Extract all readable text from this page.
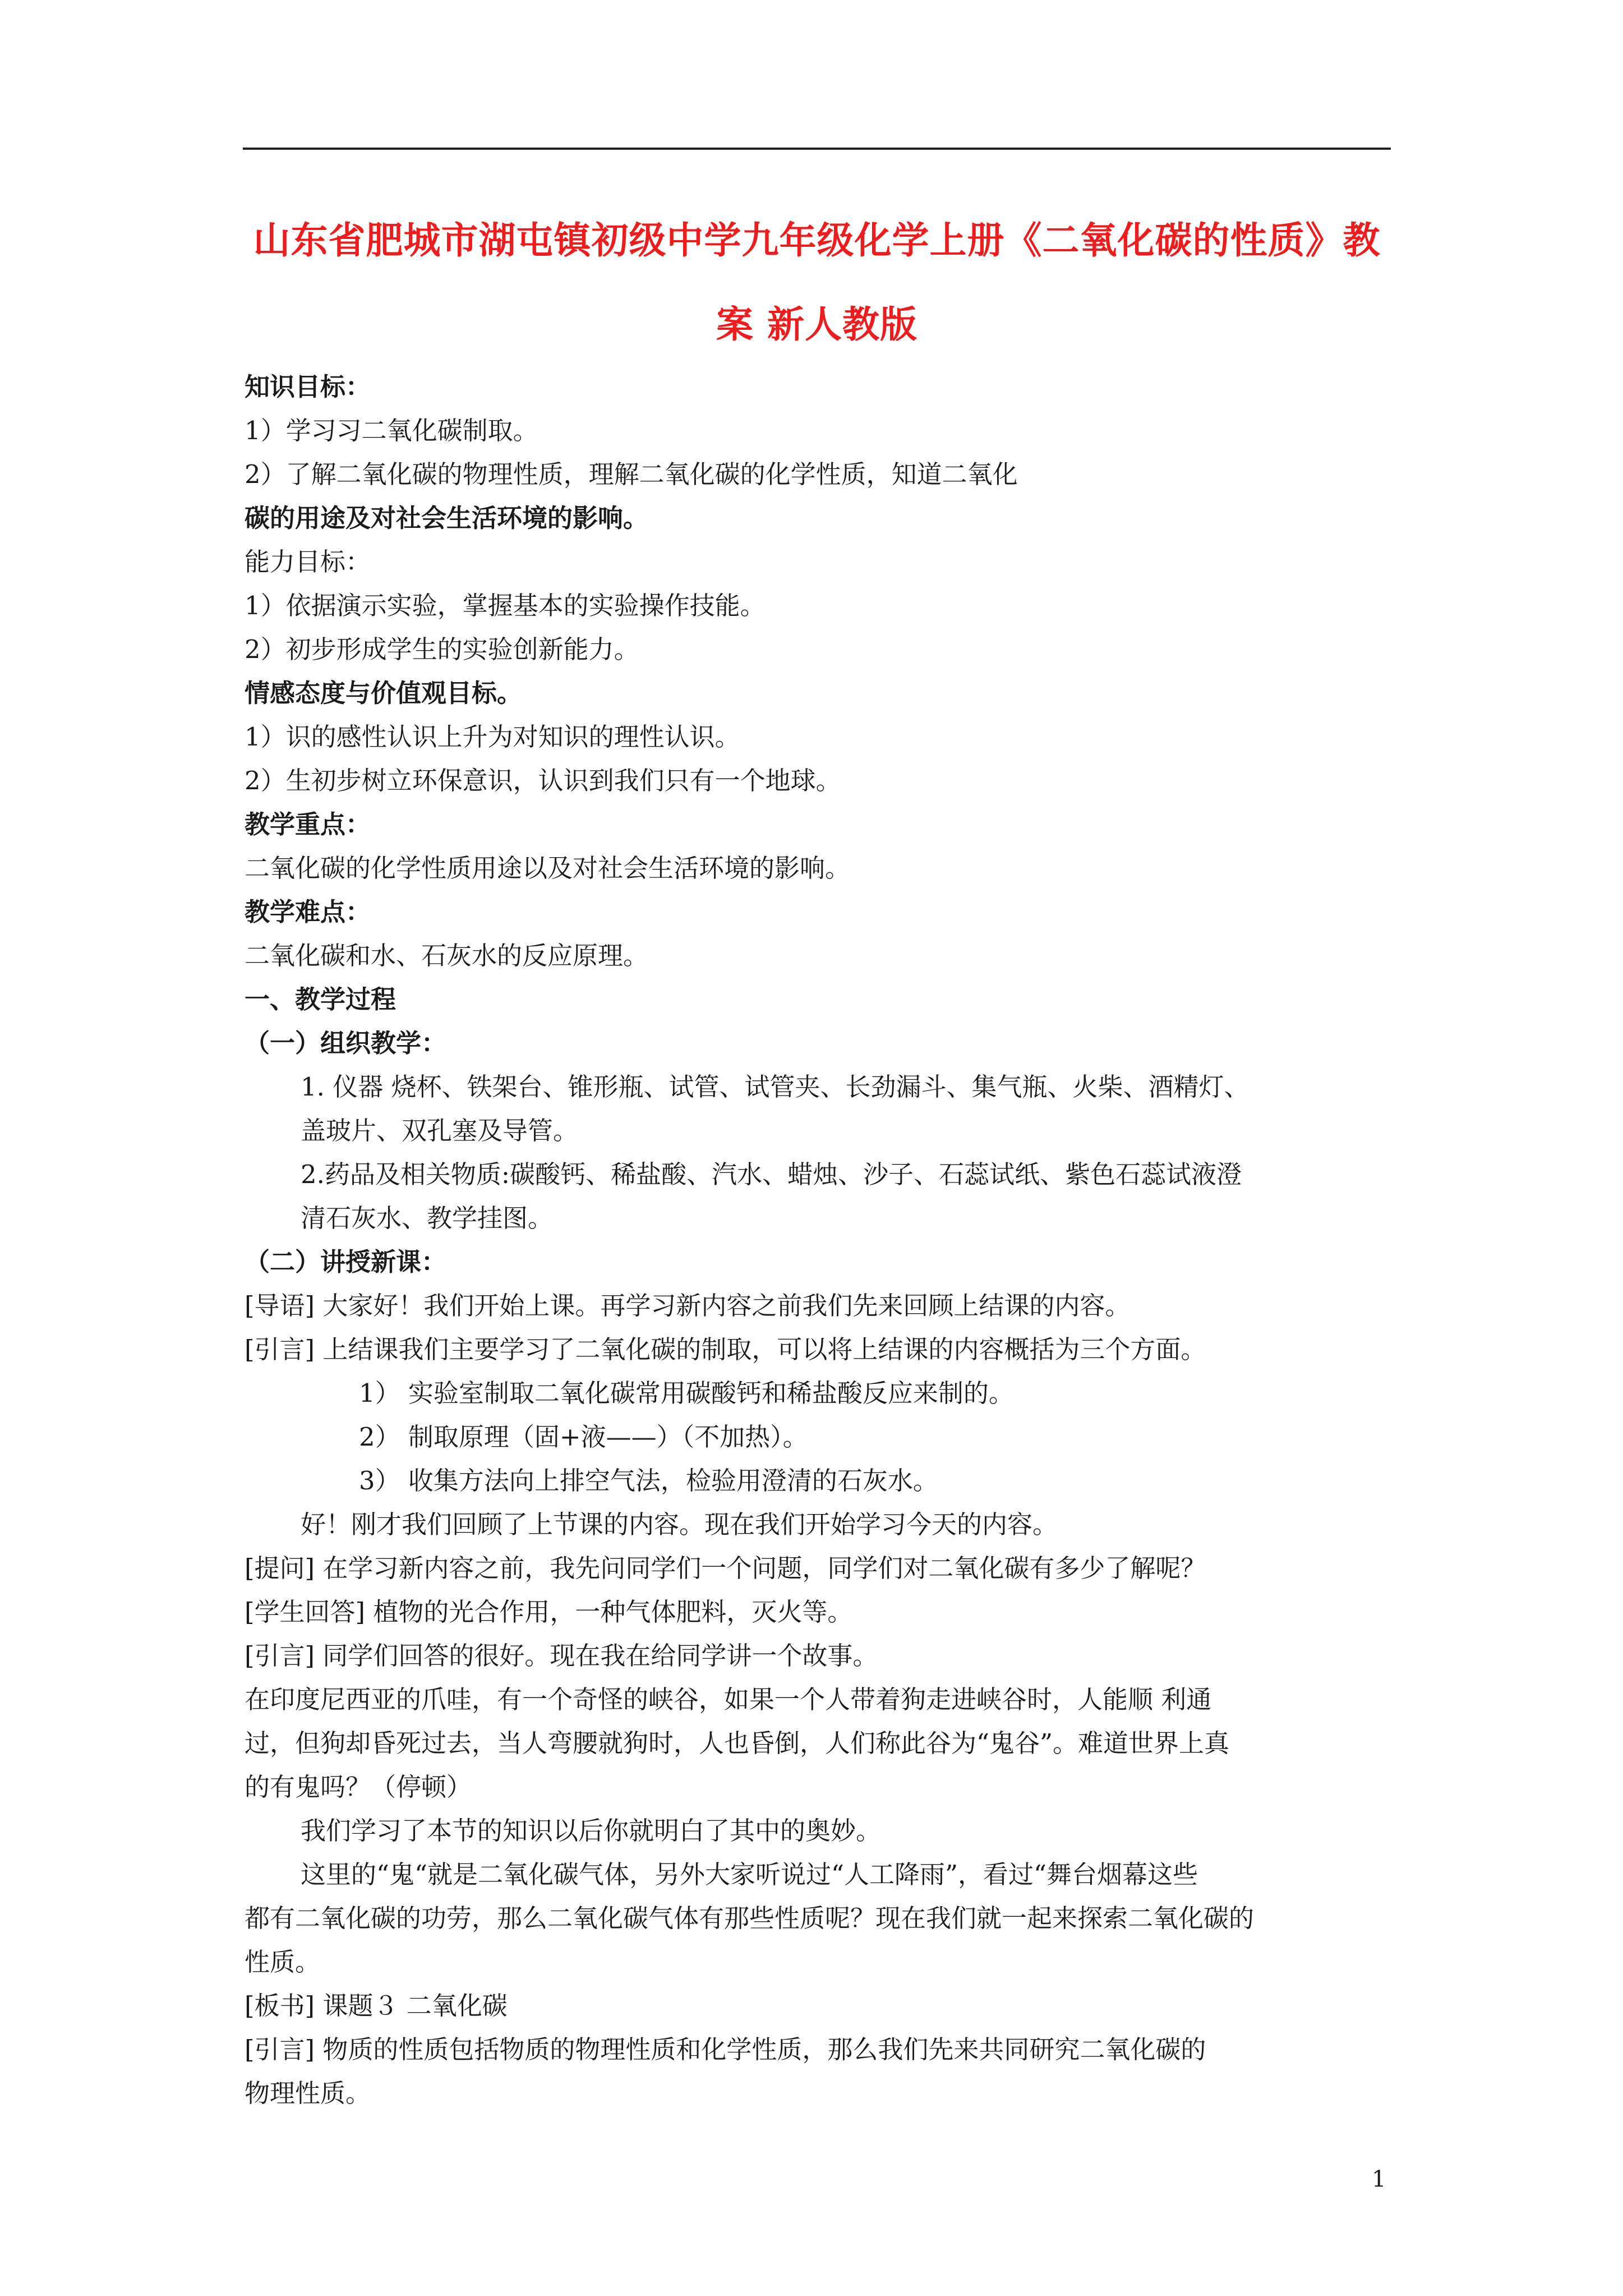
山东省肥城市湖屯镇初级中学九年级化学上册《二氧化碳的性质》教
案 新人教版
知识目标：
1）学习习二氧化碳制取。
2）了解二氧化碳的物理性质，理解二氧化碳的化学性质，知道二氧化
碳的用途及对社会生活环境的影响。
能力目标：
1）依据演示实验，掌握基本的实验操作技能。
2）初步形成学生的实验创新能力。
情感态度与价值观目标。
1）识的感性认识上升为对知识的理性认识。
2）生初步树立环保意识，认识到我们只有一个地球。
教学重点：
二氧化碳的化学性质用途以及对社会生活环境的影响。
教学难点：
二氧化碳和水、石灰水的反应原理。
一、教学过程
（一）组织教学：
1. 仪器 烧杯、铁架台、锥形瓶、试管、试管夹、长劲漏斗、集气瓶、火柴、酒精灯、
盖玻片、双孔塞及导管。
2.药品及相关物质:碳酸钙、稀盐酸、汽水、蜡烛、沙子、石蕊试纸、紫色石蕊试液澄
清石灰水、教学挂图。
（二）讲授新课：
[导语] 大家好！我们开始上课。再学习新内容之前我们先来回顾上结课的内容。
[引言] 上结课我们主要学习了二氧化碳的制取，可以将上结课的内容概括为三个方面。
1） 实验室制取二氧化碳常用碳酸钙和稀盐酸反应来制的。
2） 制取原理（固+液——）（不加热）。
3） 收集方法向上排空气法，检验用澄清的石灰水。
好！刚才我们回顾了上节课的内容。现在我们开始学习今天的内容。
[提问] 在学习新内容之前，我先问同学们一个问题，同学们对二氧化碳有多少了解呢？
[学生回答] 植物的光合作用，一种气体肥料，灭火等。
[引言] 同学们回答的很好。现在我在给同学讲一个故事。
在印度尼西亚的爪哇，有一个奇怪的峡谷，如果一个人带着狗走进峡谷时，人能顺 利通
过，但狗却昏死过去，当人弯腰就狗时，人也昏倒，人们称此谷为“鬼谷”。难道世界上真
的有鬼吗？（停顿）
我们学习了本节的知识以后你就明白了其中的奥妙。
这里的“鬼“就是二氧化碳气体，另外大家听说过“人工降雨”，看过“舞台烟幕这些
都有二氧化碳的功劳，那么二氧化碳气体有那些性质呢？现在我们就一起来探索二氧化碳的
性质。
[板书] 课题３ 二氧化碳
[引言] 物质的性质包括物质的物理性质和化学性质，那么我们先来共同研究二氧化碳的
物理性质。
1
